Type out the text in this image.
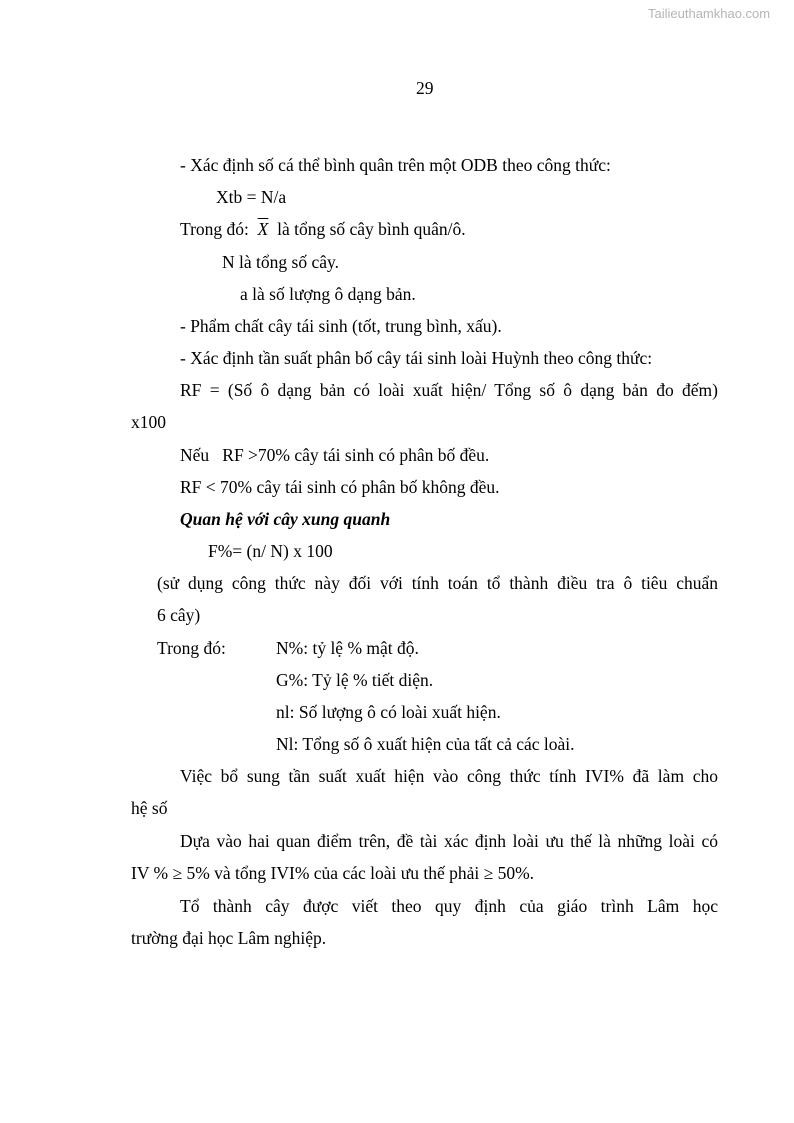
Tailieuthamkhao.com
29
- Xác định số cá thể bình quân trên một ODB theo công thức:
Xtb = N/a
Trong đó: $\overline{X}$ là tổng số cây bình quân/ô.
N là tổng số cây.
a là số lượng ô dạng bản.
- Phẩm chất cây tái sinh (tốt, trung bình, xấu).
- Xác định tần suất phân bố cây tái sinh loài Huỳnh theo công thức:
RF = (Số ô dạng bản có loài xuất hiện/ Tổng số ô dạng bản đo đếm)
x100
Nếu   RF >70% cây tái sinh có phân bố đều.
RF < 70% cây tái sinh có phân bố không đều.
Quan hệ với cây xung quanh
F%= (n/ N) x 100
(sử dụng công thức này đối với tính toán tổ thành điều tra ô tiêu chuẩn
6 cây)
Trong đó:	N%: tỷ lệ % mật độ.
G%: Tỷ lệ % tiết diện.
nl: Số lượng ô có loài xuất hiện.
Nl: Tổng số ô xuất hiện của tất cả các loài.
Việc bổ sung tần suất xuất hiện vào công thức tính IVI% đã làm cho
hệ số
Dựa vào hai quan điểm trên, đề tài xác định loài ưu thế là những loài có
IV % ≥ 5% và tổng IVI% của các loài ưu thế phải ≥ 50%.
Tổ thành cây được viết theo quy định của giáo trình Lâm học
trường đại học Lâm nghiệp.
